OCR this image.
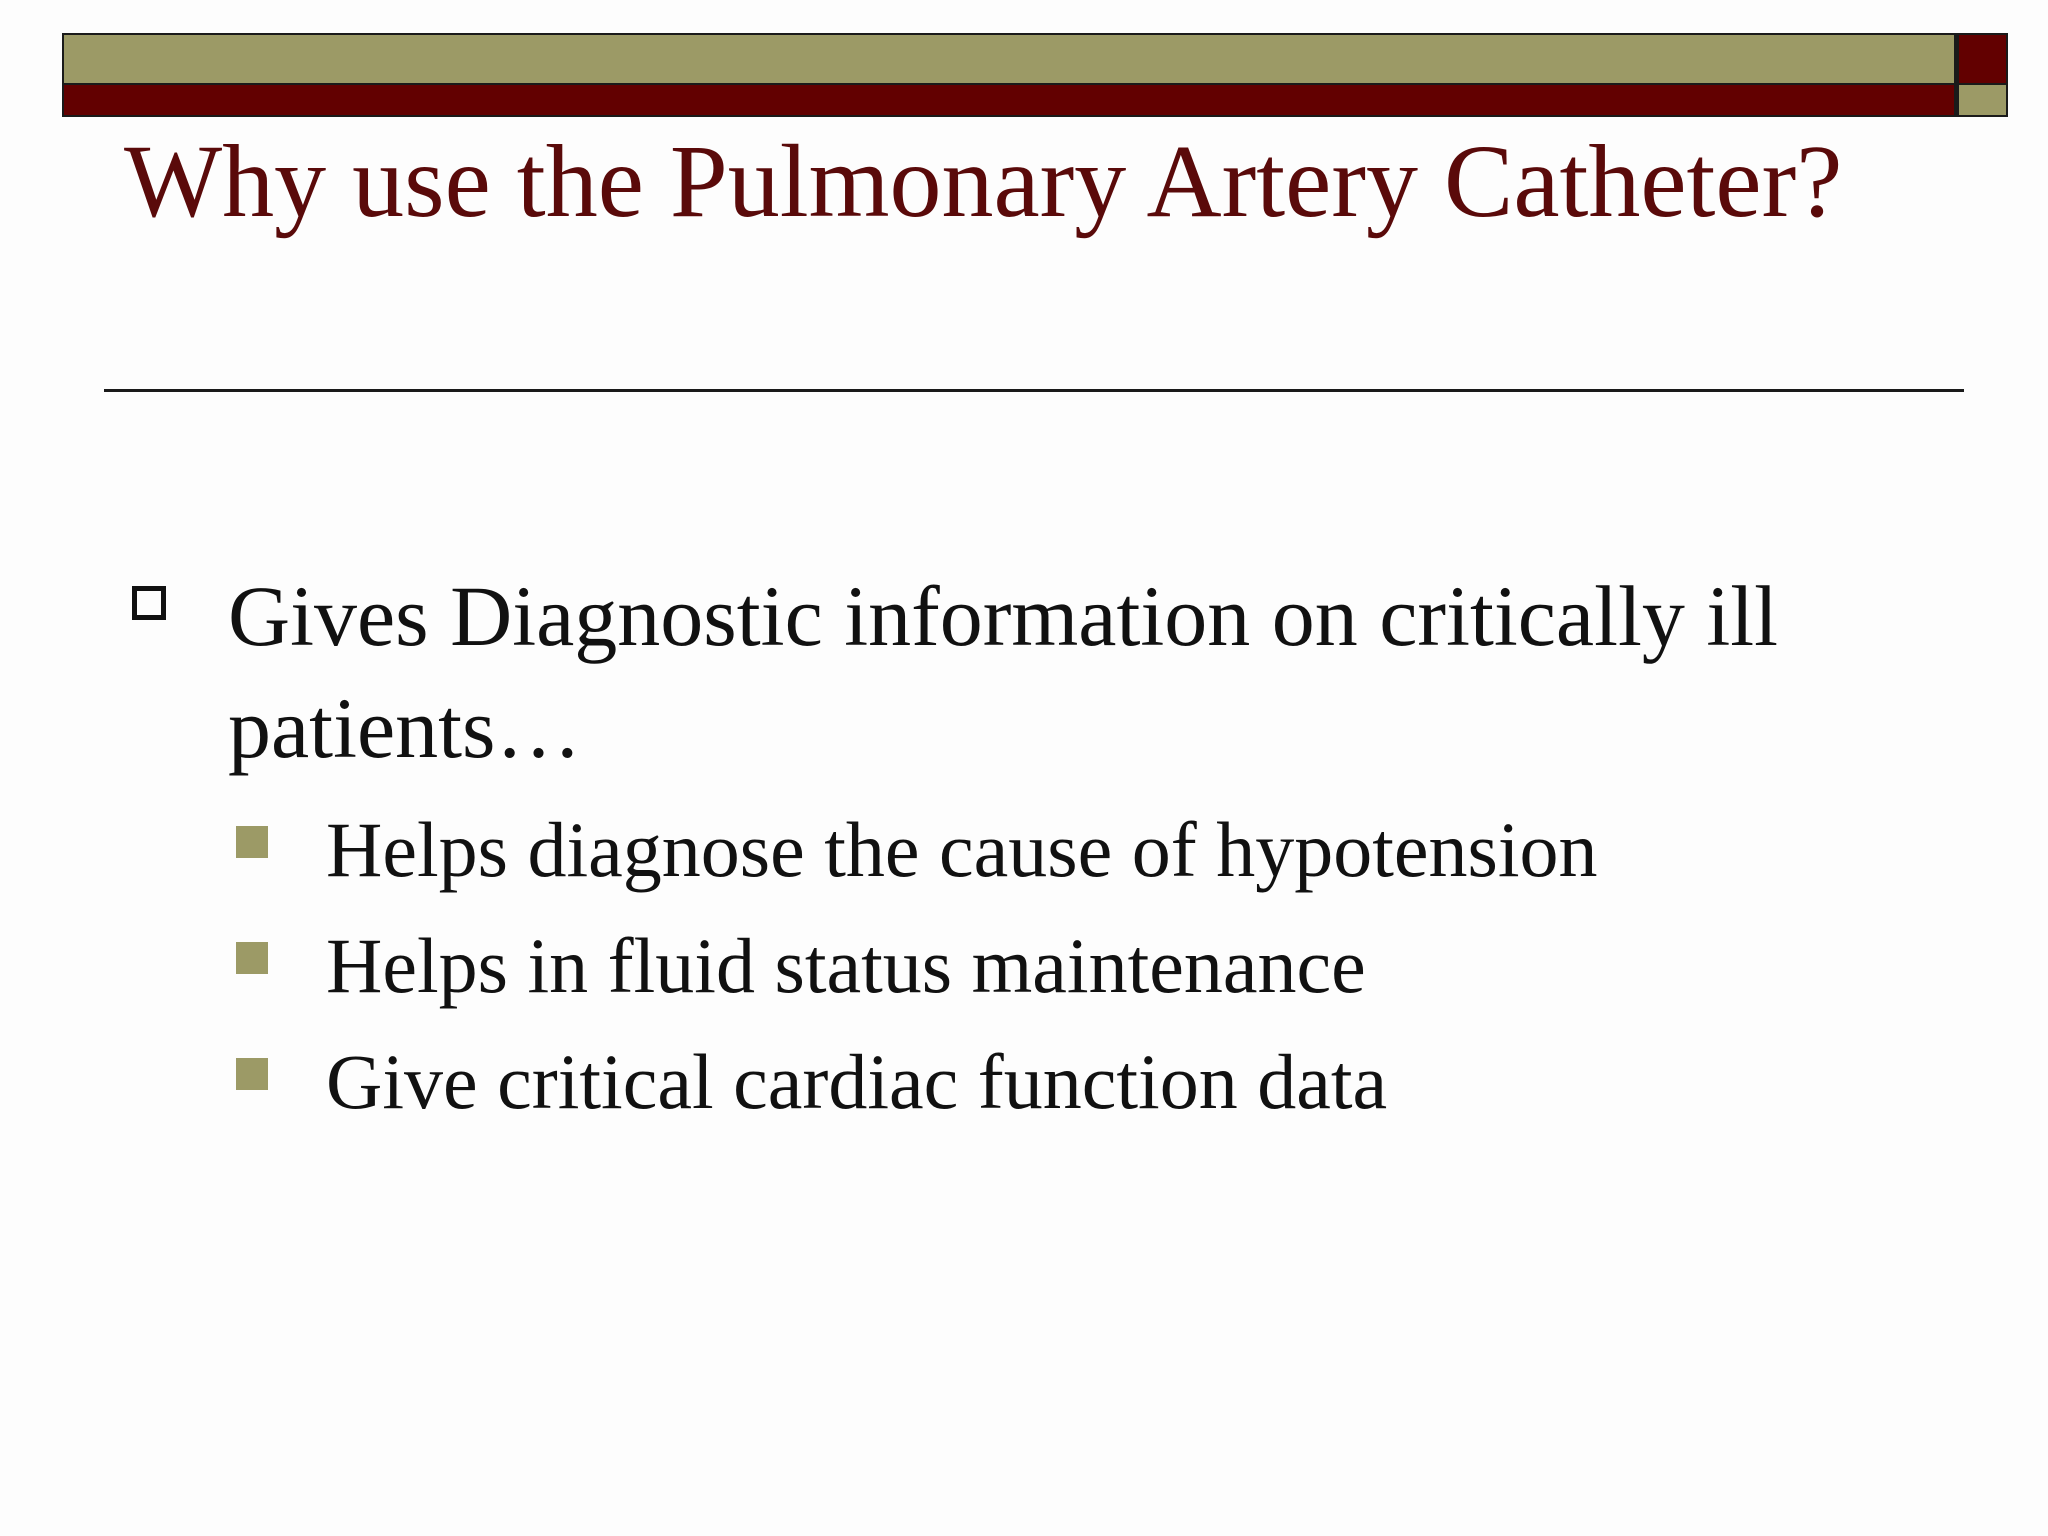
Why use the Pulmonary Artery Catheter?
Gives Diagnostic information on critically ill patients…
Helps diagnose the cause of hypotension
Helps in fluid status maintenance
Give critical cardiac function data
